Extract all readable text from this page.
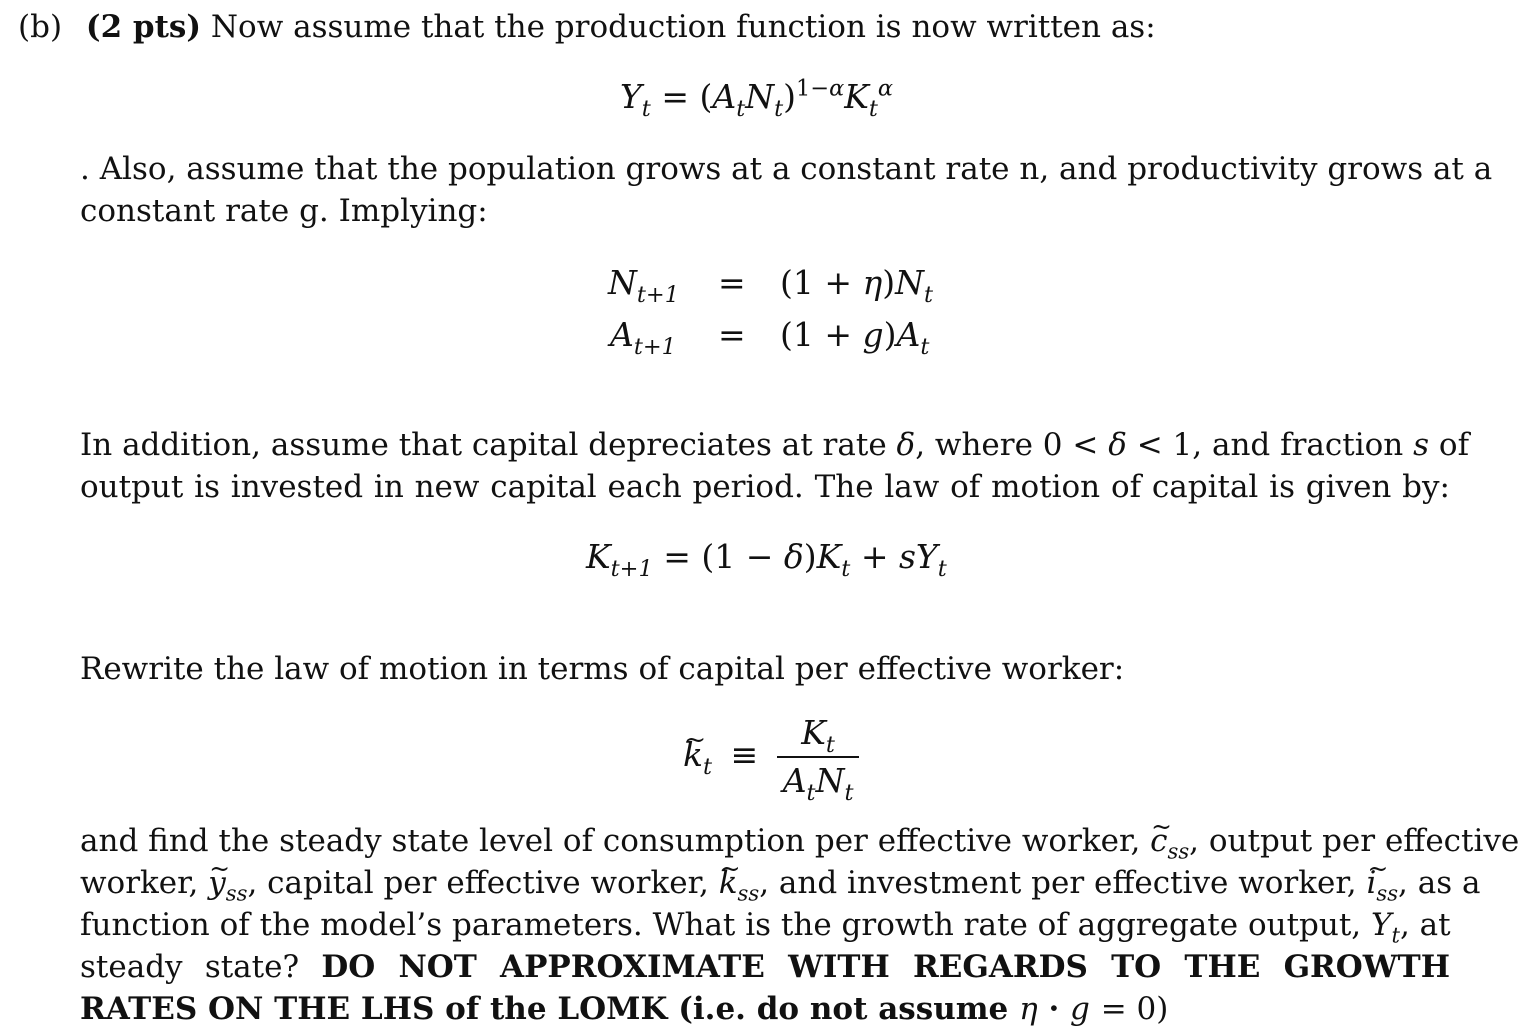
(b) (2 pts) Now assume that the production function is now written as:
$Y_t = (A_tN_t)^{1-\alpha}K_t^\alpha$
. Also, assume that the population grows at a constant rate n, and productivity grows at a
constant rate g. Implying:
$N_{t+1} = (1 + \eta)N_t$
$A_{t+1} = (1 + g)A_t$
In addition, assume that capital depreciates at rate δ, where 0 < δ < 1, and fraction s of
output is invested in new capital each period. The law of motion of capital is given by:
$K_{t+1} = (1 - \delta)K_t + sY_t$
Rewrite the law of motion in terms of capital per effective worker:
~ $k_t \equiv \frac{K_t}{A_tN_t}$
and find the steady state level of consumption per effective worker, ~ $c_{ss}$, output per effective
worker, ~ $y_{ss}$, capital per effective worker, ~ $k_{ss}$, and investment per effective worker, ~ $i_{ss}$, as a
function of the model’s parameters. What is the growth rate of aggregate output, $Y_t$, at
steady state? DO NOT APPROXIMATE WITH REGARDS TO THE GROWTH
RATES ON THE LHS of the LOMK (i.e. do not assume η · g = 0)
